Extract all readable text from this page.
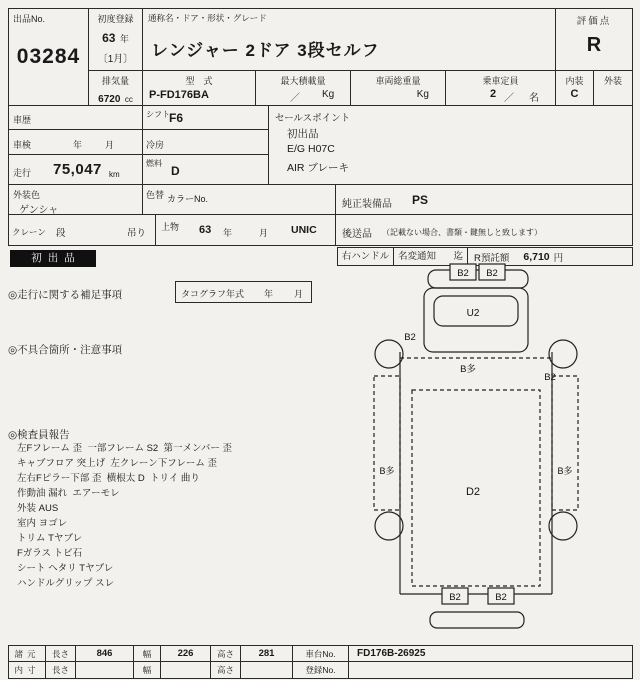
出品No.
03284
初度登録
63 年
〔1月〕
通称名・ドア・形状・グレード
レンジャー 2ドア 3段セルフ
評価点
R
排気量
6720 cc
型　式
P-FD176BA
最大積載量
／ Kg
車両総重量
Kg
乗車定員
2 ／ 名
内装
C
外装
車歴
シフト F6	セールスポイント
初出品
E/G H07C
AIR ブレーキ
車検	年	月	冷房
走行 75,047 km
燃料
D
外装色
ゲンシャ
色替 カラーNo.	純正装備品 PS
クレーン 段	吊り
上物 63 年	月 UNIC	後送品 （記載ない場合、書類・鍵無しと致します）
初出品	右ハンドル 名変通知 迄 R預託額 6,710 円
◎走行に関する補足事項	タコグラフ年式 年 月
◎不具合箇所・注意事項
◎検査員報告
左Fフレーム 歪  一部フレーム S2  第一メンバー 歪
キャブフロア 突上げ  左クレーン下フレーム 歪
左右Fピラー下部 歪  横根太 D  トリイ 曲り
作動油 漏れ  エアーモレ
外装 AUS
室内 ヨゴレ
トリム Tヤブレ
Fガラス トビ石
シート ヘタリ Tヤブレ
ハンドルグリップ スレ
B2 B2
U2
B2
B2
B多
B多	B多
D2
B2	B2
諸元	長さ	846	幅	226	高さ	281	車台No.	FD176B-26925
内寸	長さ	幅	高さ	登録No.
